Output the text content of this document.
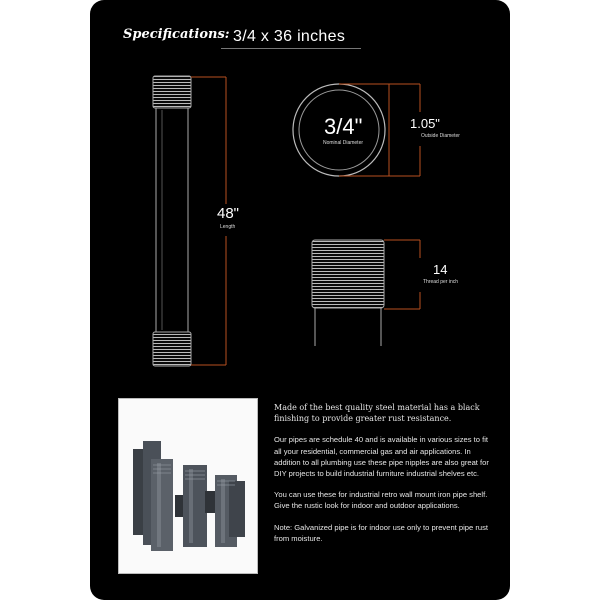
Specifications: 3/4 x 36 inches
48"
Length
3/4"
Nominal Diameter
1.05"
Outside Diameter
14
Thread per inch

Made of the best quality steel material has a black finishing to provide greater rust resistance.

Our pipes are schedule 40 and is available in various sizes to fit all your residential, commercial gas and air applications. In addition to all plumbing use these pipe nipples are also great for DIY projects to build industrial furniture industrial shelves etc.

You can use these for industrial retro wall mount iron pipe shelf. Give the rustic look for indoor and outdoor applications.

Note: Galvanized pipe is for indoor use only to prevent pipe rust from moisture.
